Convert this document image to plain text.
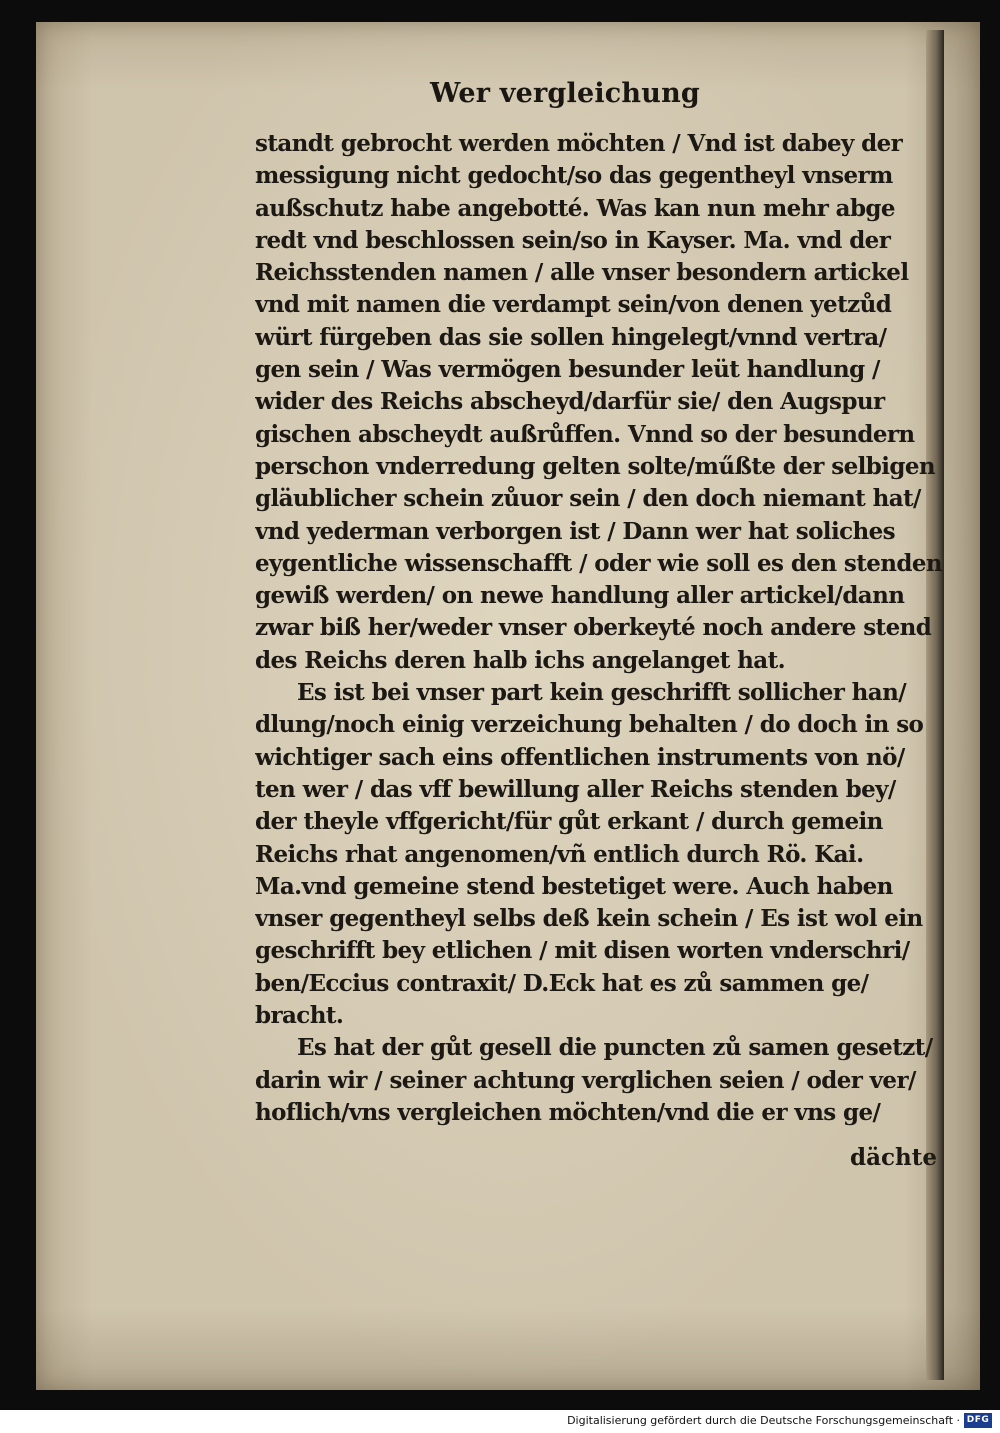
Wer vergleichung
standt gebrocht werden möchten / Vnd ist dabey der
messigung nicht gedocht/so das gegentheyl vnserm
außschutz habe angebotté. Was kan nun mehr abge
redt vnd beschlossen sein/so in Kayser. Ma. vnd der
Reichsstenden namen / alle vnser besondern artickel
vnd mit namen die verdampt sein/von denen yetzůd
würt fürgeben das sie sollen hingelegt/vnnd vertra/
gen sein / Was vermögen besunder leüt handlung /
wider des Reichs abscheyd/darfür sie/ den Augspur
gischen abscheydt außrůffen. Vnnd so der besundern
perschon vnderredung gelten solte/műßte der selbigen
gläublicher schein zůuor sein / den doch niemant hat/
vnd yederman verborgen ist / Dann wer hat soliches
eygentliche wissenschafft / oder wie soll es den stenden
gewiß werden/ on newe handlung aller artickel/dann
zwar biß her/weder vnser oberkeyté noch andere stend
des Reichs deren halb ichs angelanget hat.
Es ist bei vnser part kein geschrifft sollicher han/
dlung/noch einig verzeichung behalten / do doch in so
wichtiger sach eins offentlichen instruments von nö/
ten wer / das vff bewillung aller Reichs stenden bey/
der theyle vffgericht/für gůt erkant / durch gemein
Reichs rhat angenomen/vñ entlich durch Rö. Kai.
Ma.vnd gemeine stend bestetiget were. Auch haben
vnser gegentheyl selbs deß kein schein / Es ist wol ein
geschrifft bey etlichen / mit disen worten vnderschri/
ben/Eccius contraxit/ D.Eck hat es zů sammen ge/
bracht.
Es hat der gůt gesell die puncten zů samen gesetzt/
darin wir / seiner achtung verglichen seien / oder ver/
hoflich/vns vergleichen möchten/vnd die er vns ge/
dächte
Digitalisierung gefördert durch die Deutsche Forschungsgemeinschaft · DFG
